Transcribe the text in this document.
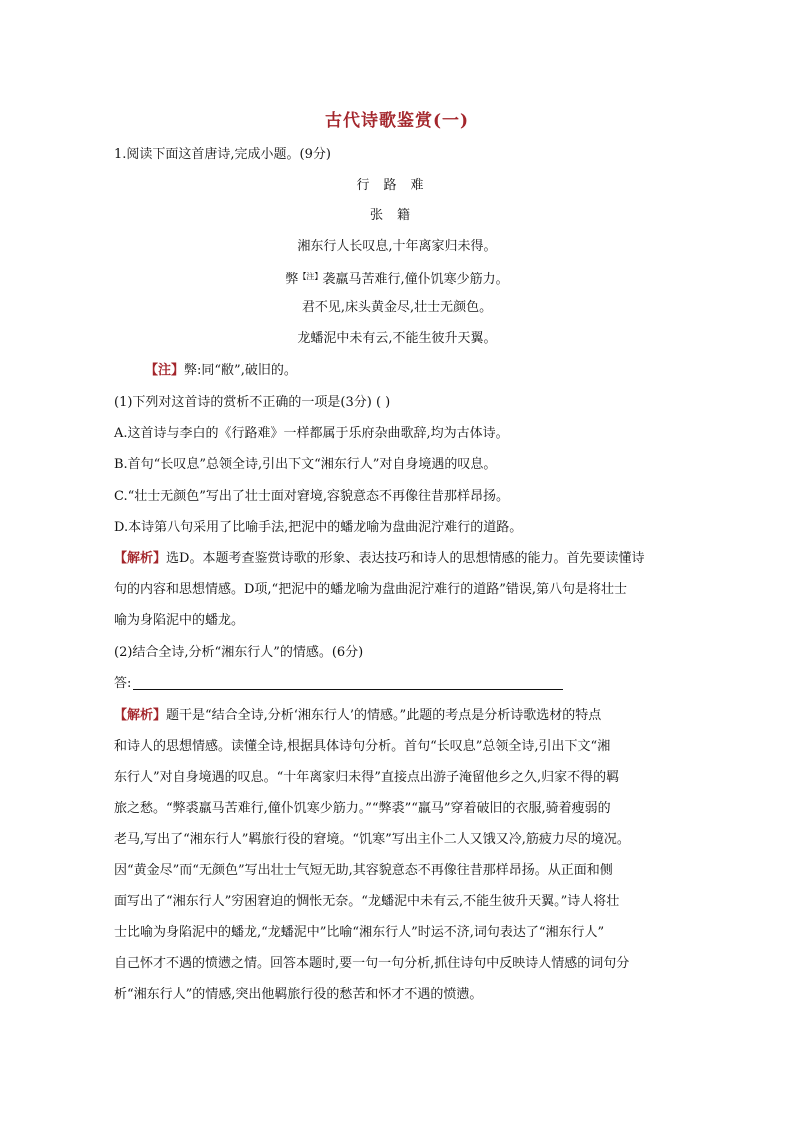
古代诗歌鉴赏(一)
1.阅读下面这首唐诗,完成小题。(9分)
行路难
张籍
湘东行人长叹息,十年离家归未得。
弊$^{【注】}$袭羸马苦难行,僮仆饥寒少筋力。
君不见,床头黄金尽,壮士无颜色。
龙蟠泥中未有云,不能生彼升天翼。
【注】弊:同“敝”,破旧的。
(1)下列对这首诗的赏析不正确的一项是(3分) ( )
A.这首诗与李白的《行路难》一样都属于乐府杂曲歌辞,均为古体诗。
B.首句“长叹息”总领全诗,引出下文“湘东行人”对自身境遇的叹息。
C.“壮士无颜色”写出了壮士面对窘境,容貌意态不再像往昔那样昂扬。
D.本诗第八句采用了比喻手法,把泥中的蟠龙喻为盘曲泥泞难行的道路。
【解析】选D。本题考查鉴赏诗歌的形象、表达技巧和诗人的思想情感的能力。首先要读懂诗
句的内容和思想情感。D项,“把泥中的蟠龙喻为盘曲泥泞难行的道路”错误,第八句是将壮士
喻为身陷泥中的蟠龙。
(2)结合全诗,分析“湘东行人”的情感。(6分)
答:
【解析】题干是“结合全诗,分析‘湘东行人’的情感。”此题的考点是分析诗歌选材的特点
和诗人的思想情感。读懂全诗,根据具体诗句分析。首句“长叹息”总领全诗,引出下文“湘
东行人”对自身境遇的叹息。“十年离家归未得”直接点出游子淹留他乡之久,归家不得的羁
旅之愁。“弊裘羸马苦难行,僮仆饥寒少筋力。”“弊裘”“羸马”穿着破旧的衣服,骑着瘦弱的
老马,写出了“湘东行人”羁旅行役的窘境。“饥寒”写出主仆二人又饿又冷,筋疲力尽的境况。
因“黄金尽”而“无颜色”写出壮士气短无助,其容貌意态不再像往昔那样昂扬。从正面和侧
面写出了“湘东行人”穷困窘迫的惆怅无奈。“龙蟠泥中未有云,不能生彼升天翼。”诗人将壮
士比喻为身陷泥中的蟠龙,“龙蟠泥中”比喻“湘东行人”时运不济,词句表达了“湘东行人”
自己怀才不遇的愤懑之情。回答本题时,要一句一句分析,抓住诗句中反映诗人情感的词句分
析“湘东行人”的情感,突出他羁旅行役的愁苦和怀才不遇的愤懑。
